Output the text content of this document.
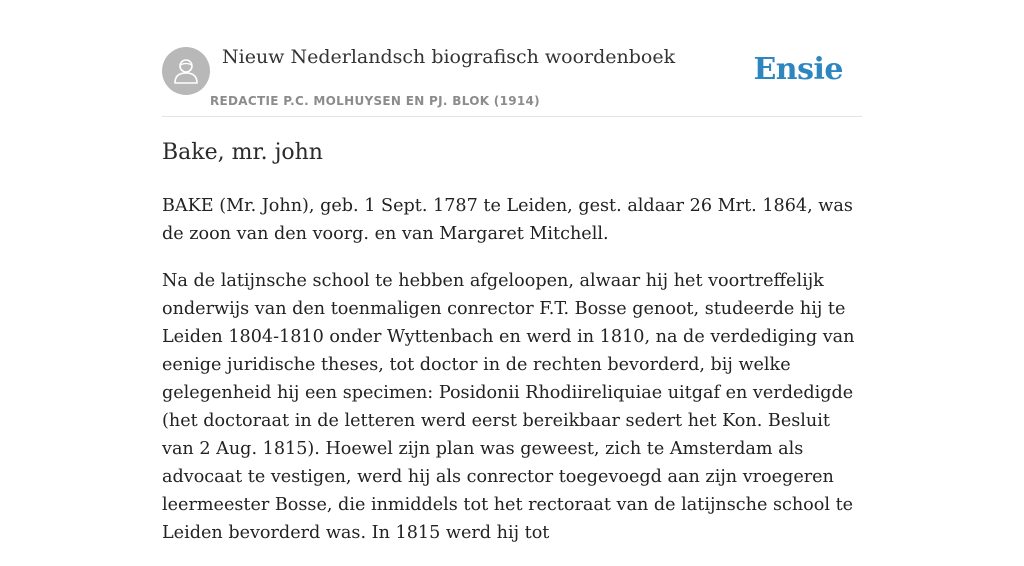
Nieuw Nederlandsch biografisch woordenboek
REDACTIE P.C. MOLHUYSEN EN PJ. BLOK (1914)
Ensie
Bake, mr. john

BAKE (Mr. John), geb. 1 Sept. 1787 te Leiden, gest. aldaar 26 Mrt. 1864, was de zoon van den voorg. en van Margaret Mitchell.

Na de latijnsche school te hebben afgeloopen, alwaar hij het voortreffelijk onderwijs van den toenmaligen conrector F.T. Bosse genoot, studeerde hij te Leiden 1804-1810 onder Wyttenbach en werd in 1810, na de verdediging van eenige juridische theses, tot doctor in de rechten bevorderd, bij welke gelegenheid hij een specimen: Posidonii Rhodiireliquiae uitgaf en verdedigde (het doctoraat in de letteren werd eerst bereikbaar sedert het Kon. Besluit van 2 Aug. 1815). Hoewel zijn plan was geweest, zich te Amsterdam als advocaat te vestigen, werd hij als conrector toegevoegd aan zijn vroegeren leermeester Bosse, die inmiddels tot het rectoraat van de latijnsche school te Leiden bevorderd was. In 1815 werd hij tot
